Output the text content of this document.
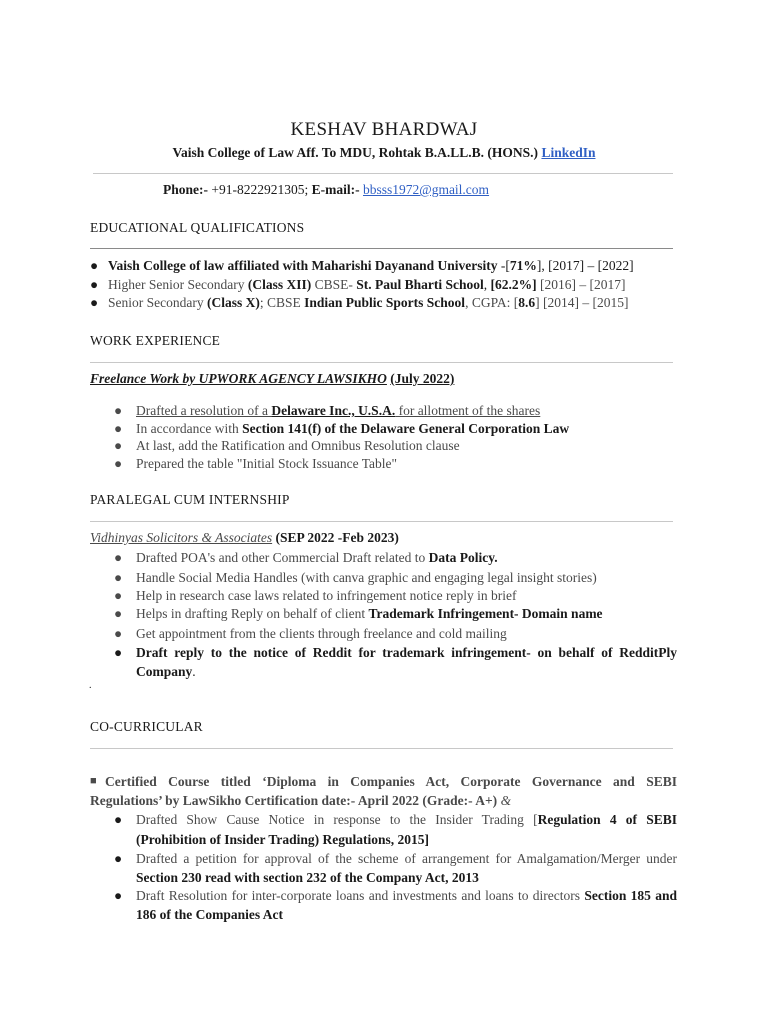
KESHAV BHARDWAJ
Vaish College of Law Aff. To MDU, Rohtak B.A.LL.B. (HONS.) LinkedIn
Phone:- +91-8222921305; E-mail:- bbsss1972@gmail.com
EDUCATIONAL QUALIFICATIONS
● Vaish College of law affiliated with Maharishi Dayanand University -[71%], [2017] – [2022]
● Higher Senior Secondary (Class XII) CBSE- St. Paul Bharti School, [62.2%] [2016] – [2017]
● Senior Secondary (Class X); CBSE Indian Public Sports School, CGPA: [8.6] [2014] – [2015]
WORK EXPERIENCE
Freelance Work by UPWORK AGENCY LAWSIKHO (July 2022)
● Drafted a resolution of a Delaware Inc., U.S.A. for allotment of the shares
● In accordance with Section 141(f) of the Delaware General Corporation Law
● At last, add the Ratification and Omnibus Resolution clause
● Prepared the table "Initial Stock Issuance Table"
PARALEGAL CUM INTERNSHIP
Vidhinyas Solicitors & Associates (SEP 2022 -Feb 2023)
● Drafted POA's and other Commercial Draft related to Data Policy.
● Handle Social Media Handles (with canva graphic and engaging legal insight stories)
● Help in research case laws related to infringement notice reply in brief
● Helps in drafting Reply on behalf of client Trademark Infringement- Domain name
● Get appointment from the clients through freelance and cold mailing
●	Draft reply to the notice of Reddit for trademark infringement- on behalf of RedditPly
Company.
.
CO-CURRICULAR
■ Certified Course titled ‘Diploma in Companies Act, Corporate Governance and SEBI
Regulations’ by LawSikho Certification date:- April 2022 (Grade:- A+) &
●	Drafted Show Cause Notice in response to the Insider Trading [Regulation 4 of SEBI
(Prohibition of Insider Trading) Regulations, 2015]
●	Drafted a petition for approval of the scheme of arrangement for Amalgamation/Merger under
Section 230 read with section 232 of the Company Act, 2013
●	Draft Resolution for inter-corporate loans and investments and loans to directors Section 185 and
186 of the Companies Act
